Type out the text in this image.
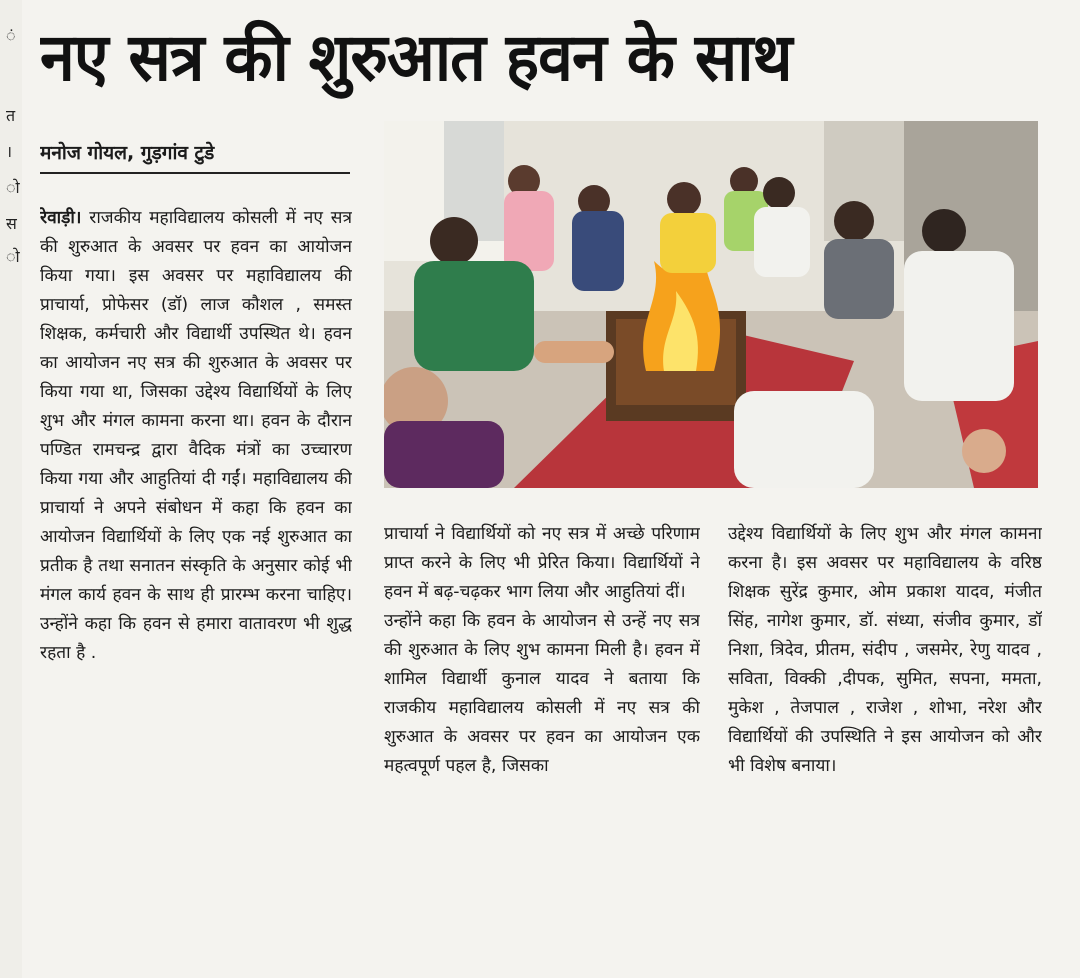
ं
त
।
ो
स
ो
नए सत्र की शुरुआत हवन के साथ
मनोज गोयल, गुड़गांव टुडे

रेवाड़ी। राजकीय महाविद्यालय कोसली में नए सत्र की शुरुआत के अवसर पर हवन का आयोजन किया गया। इस अवसर पर महाविद्यालय की प्राचार्या, प्रोफेसर (डॉ) लाज कौशल , समस्त शिक्षक, कर्मचारी और विद्यार्थी उपस्थित थे। हवन का आयोजन नए सत्र की शुरुआत के अवसर पर किया गया था, जिसका उद्देश्य विद्यार्थियों के लिए शुभ और मंगल कामना करना था। हवन के दौरान पण्डित रामचन्द्र द्वारा वैदिक मंत्रों का उच्चारण किया गया और आहुतियां दी गईं। महाविद्यालय की प्राचार्या ने अपने संबोधन में कहा कि हवन का आयोजन विद्यार्थियों के लिए एक नई शुरुआत का प्रतीक है तथा सनातन संस्कृति के अनुसार कोई भी मंगल कार्य हवन के साथ ही प्रारम्भ करना चाहिए। उन्होंने कहा कि हवन से हमारा वातावरण भी शुद्ध रहता है .

प्राचार्या ने विद्यार्थियों को नए सत्र में अच्छे परिणाम प्राप्त करने के लिए भी प्रेरित किया। विद्यार्थियों ने हवन में बढ़-चढ़कर भाग लिया और आहुतियां दीं।

उन्होंने कहा कि हवन के आयोजन से उन्हें नए सत्र की शुरुआत के लिए शुभ कामना मिली है। हवन में शामिल विद्यार्थी कुनाल यादव ने बताया कि राजकीय महाविद्यालय कोसली में नए सत्र की शुरुआत के अवसर पर हवन का आयोजन एक महत्वपूर्ण पहल है, जिसका

उद्देश्य विद्यार्थियों के लिए शुभ और मंगल कामना करना है। इस अवसर पर महाविद्यालय के वरिष्ठ शिक्षक सुरेंद्र कुमार, ओम प्रकाश यादव, मंजीत सिंह, नागेश कुमार, डॉ. संध्या, संजीव कुमार, डॉ निशा, त्रिदेव, प्रीतम, संदीप , जसमेर, रेणु यादव , सविता, विक्की ,दीपक, सुमित, सपना, ममता, मुकेश , तेजपाल , राजेश , शोभा, नरेश और विद्यार्थियों की उपस्थिति ने इस आयोजन को और भी विशेष बनाया।
